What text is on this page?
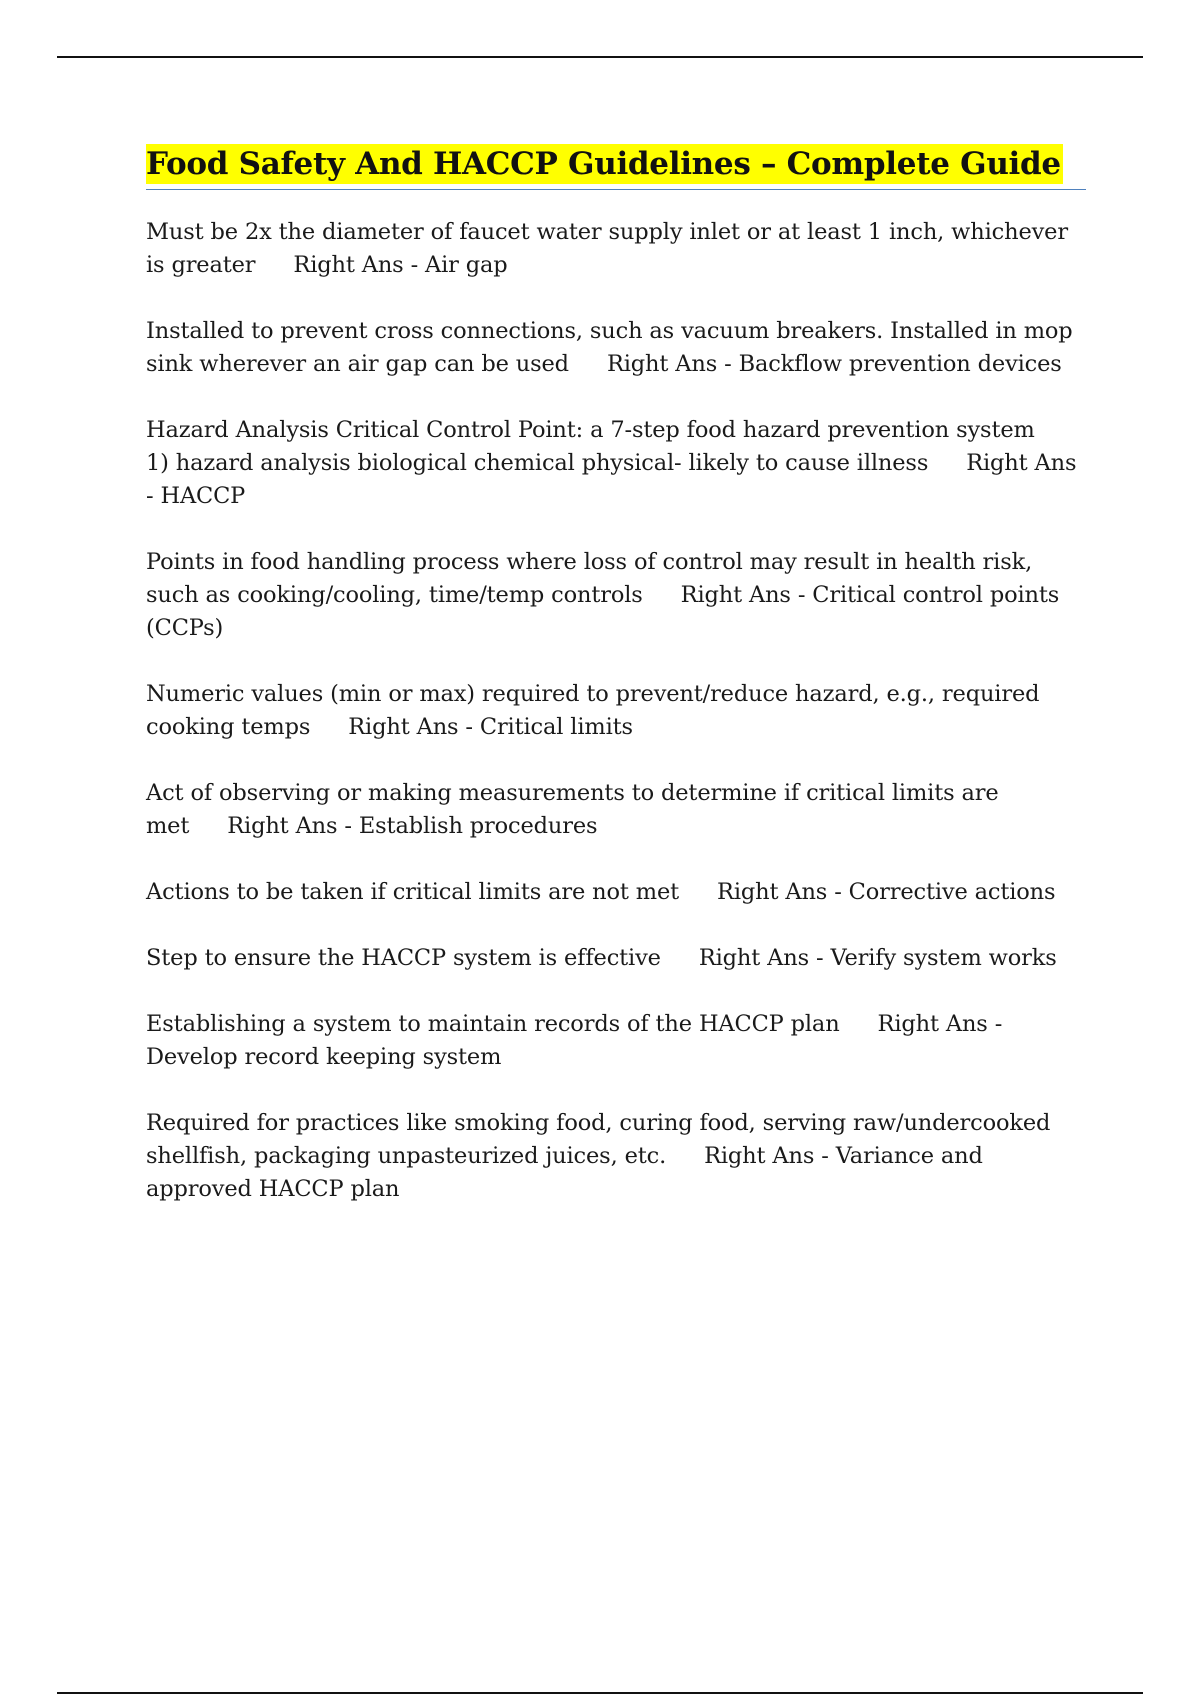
Food Safety And HACCP Guidelines – Complete Guide

Must be 2x the diameter of faucet water supply inlet or at least 1 inch, whichever is greater Right Ans - Air gap

Installed to prevent cross connections, such as vacuum breakers. Installed in mop sink wherever an air gap can be used Right Ans - Backflow prevention devices

Hazard Analysis Critical Control Point: a 7-step food hazard prevention system
1) hazard analysis biological chemical physical- likely to cause illness Right Ans - HACCP

Points in food handling process where loss of control may result in health risk, such as cooking/cooling, time/temp controls Right Ans - Critical control points (CCPs)

Numeric values (min or max) required to prevent/reduce hazard, e.g., required cooking temps Right Ans - Critical limits

Act of observing or making measurements to determine if critical limits are met Right Ans - Establish procedures

Actions to be taken if critical limits are not met Right Ans - Corrective actions

Step to ensure the HACCP system is effective Right Ans - Verify system works

Establishing a system to maintain records of the HACCP plan Right Ans - Develop record keeping system

Required for practices like smoking food, curing food, serving raw/undercooked shellfish, packaging unpasteurized juices, etc. Right Ans - Variance and approved HACCP plan
